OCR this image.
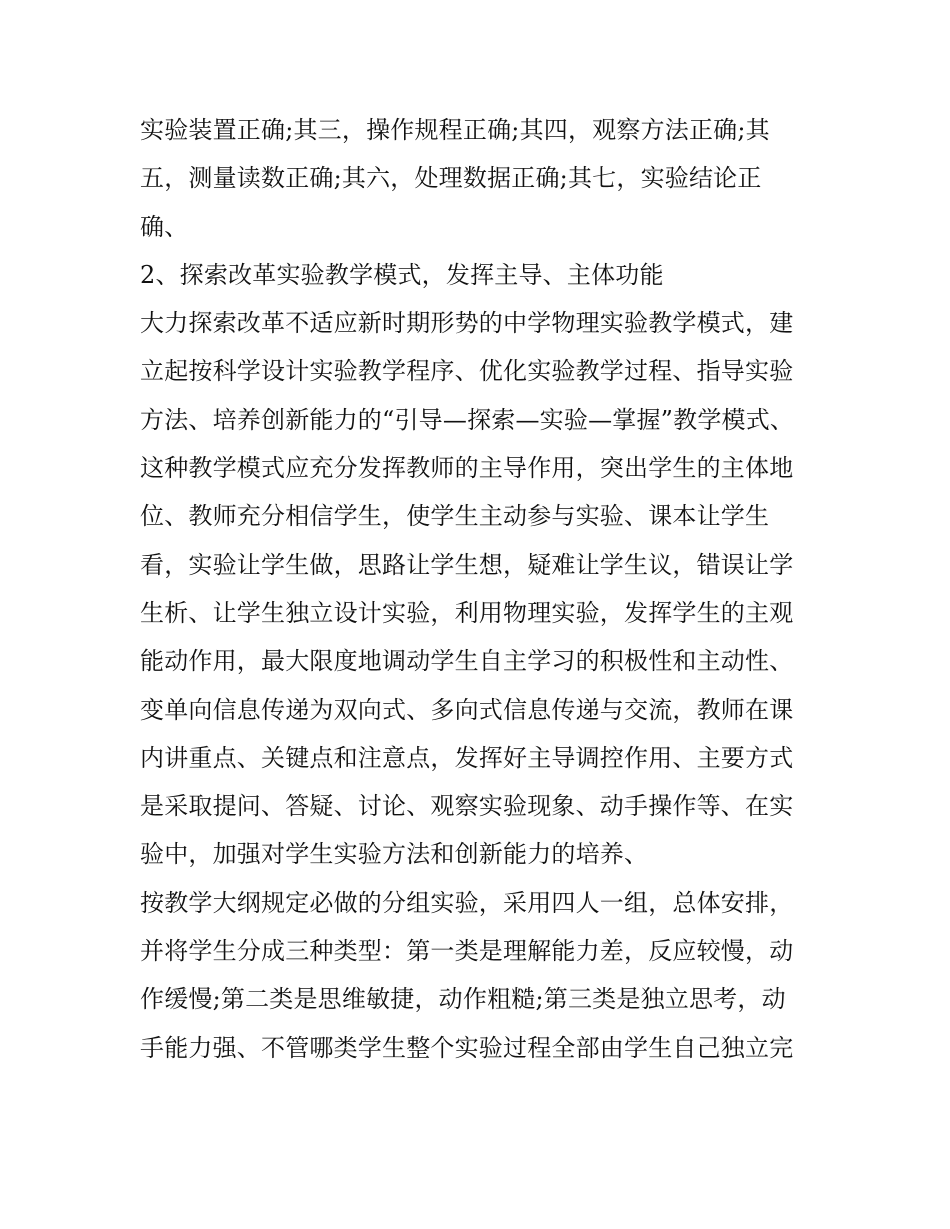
实验装置正确;其三，操作规程正确;其四，观察方法正确;其
五，测量读数正确;其六，处理数据正确;其七，实验结论正
确、
2、探索改革实验教学模式，发挥主导、主体功能
大力探索改革不适应新时期形势的中学物理实验教学模式，建
立起按科学设计实验教学程序、优化实验教学过程、指导实验
方法、培养创新能力的“引导—探索—实验—掌握”教学模式、
这种教学模式应充分发挥教师的主导作用，突出学生的主体地
位、教师充分相信学生，使学生主动参与实验、课本让学生
看，实验让学生做，思路让学生想，疑难让学生议，错误让学
生析、让学生独立设计实验，利用物理实验，发挥学生的主观
能动作用，最大限度地调动学生自主学习的积极性和主动性、
变单向信息传递为双向式、多向式信息传递与交流，教师在课
内讲重点、关键点和注意点，发挥好主导调控作用、主要方式
是采取提问、答疑、讨论、观察实验现象、动手操作等、在实
验中，加强对学生实验方法和创新能力的培养、
按教学大纲规定必做的分组实验，采用四人一组，总体安排，
并将学生分成三种类型：第一类是理解能力差，反应较慢，动
作缓慢;第二类是思维敏捷，动作粗糙;第三类是独立思考，动
手能力强、不管哪类学生整个实验过程全部由学生自己独立完
